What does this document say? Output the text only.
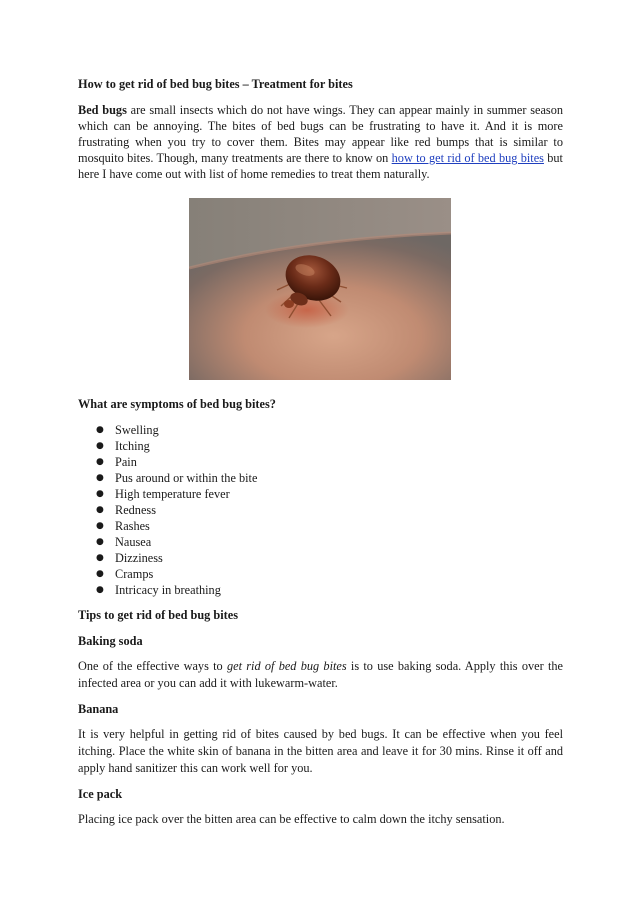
How to get rid of bed bug bites – Treatment for bites

Bed bugs are small insects which do not have wings. They can appear mainly in summer season which can be annoying. The bites of bed bugs can be frustrating to have it. And it is more frustrating when you try to cover them. Bites may appear like red bumps that is similar to mosquito bites. Though, many treatments are there to know on how to get rid of bed bug bites but here I have come out with list of home remedies to treat them naturally.

What are symptoms of bed bug bites?
● Swelling
● Itching
● Pain
● Pus around or within the bite
● High temperature fever
● Redness
● Rashes
● Nausea
● Dizziness
● Cramps
● Intricacy in breathing
Tips to get rid of bed bug bites
Baking soda

One of the effective ways to get rid of bed bug bites is to use baking soda. Apply this over the infected area or you can add it with lukewarm-water.

Banana

It is very helpful in getting rid of bites caused by bed bugs. It can be effective when you feel itching. Place the white skin of banana in the bitten area and leave it for 30 mins. Rinse it off and apply hand sanitizer this can work well for you.

Ice pack

Placing ice pack over the bitten area can be effective to calm down the itchy sensation.
